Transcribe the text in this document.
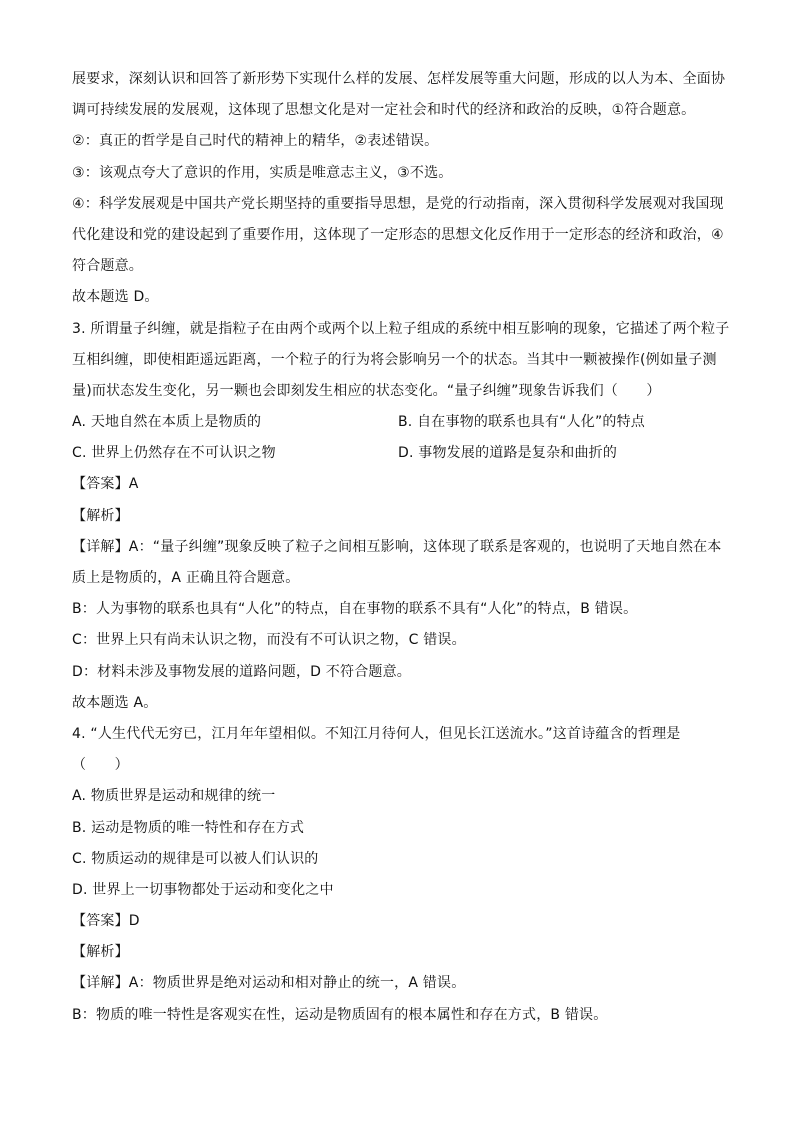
展要求，深刻认识和回答了新形势下实现什么样的发展、怎样发展等重大问题，形成的以人为本、全面协
调可持续发展的发展观，这体现了思想文化是对一定社会和时代的经济和政治的反映，①符合题意。
②：真正的哲学是自己时代的精神上的精华，②表述错误。
③：该观点夸大了意识的作用，实质是唯意志主义，③不选。
④：科学发展观是中国共产党长期坚持的重要指导思想，是党的行动指南，深入贯彻科学发展观对我国现
代化建设和党的建设起到了重要作用，这体现了一定形态的思想文化反作用于一定形态的经济和政治，④
符合题意。
故本题选 D。
3. 所谓量子纠缠，就是指粒子在由两个或两个以上粒子组成的系统中相互影响的现象，它描述了两个粒子
互相纠缠，即使相距遥远距离，一个粒子的行为将会影响另一个的状态。当其中一颗被操作(例如量子测
量)而状态发生变化，另一颗也会即刻发生相应的状态变化。“量子纠缠”现象告诉我们（　　）
A. 天地自然在本质上是物质的	B. 自在事物的联系也具有“人化”的特点
C. 世界上仍然存在不可认识之物	D. 事物发展的道路是复杂和曲折的
【答案】A
【解析】
【详解】A：“量子纠缠”现象反映了粒子之间相互影响，这体现了联系是客观的，也说明了天地自然在本
质上是物质的，A 正确且符合题意。
B：人为事物的联系也具有“人化”的特点，自在事物的联系不具有“人化”的特点，B 错误。
C：世界上只有尚未认识之物，而没有不可认识之物，C 错误。
D：材料未涉及事物发展的道路问题，D 不符合题意。
故本题选 A。
4. “人生代代无穷已，江月年年望相似。不知江月待何人，但见长江送流水。”这首诗蕴含的哲理是
（　　）
A. 物质世界是运动和规律的统一
B. 运动是物质的唯一特性和存在方式
C. 物质运动的规律是可以被人们认识的
D. 世界上一切事物都处于运动和变化之中
【答案】D
【解析】
【详解】A：物质世界是绝对运动和相对静止的统一，A 错误。
B：物质的唯一特性是客观实在性，运动是物质固有的根本属性和存在方式，B 错误。
